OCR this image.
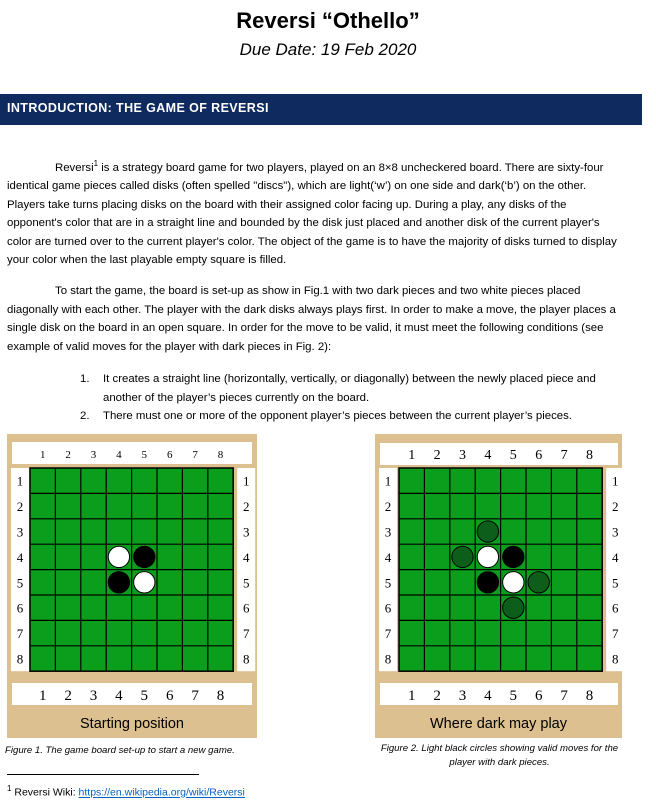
Reversi “Othello”
Due Date: 19 Feb 2020
INTRODUCTION: THE GAME OF REVERSI

Reversi$^1$ is a strategy board game for two players, played on an 8×8 uncheckered board. There are sixty-four identical game pieces called disks (often spelled "discs"), which are light(‘w’) on one side and dark(‘b’) on the other. Players take turns placing disks on the board with their assigned color facing up. During a play, any disks of the opponent's color that are in a straight line and bounded by the disk just placed and another disk of the current player's color are turned over to the current player's color. The object of the game is to have the majority of disks turned to display your color when the last playable empty square is filled.

To start the game, the board is set-up as show in Fig.1 with two dark pieces and two white pieces placed diagonally with each other. The player with the dark disks always plays first. In order to make a move, the player places a single disk on the board in an open square. In order for the move to be valid, it must meet the following conditions (see example of valid moves for the player with dark pieces in Fig. 2):

1. It creates a straight line (horizontally, vertically, or diagonally) between the newly placed piece and another of the player’s pieces currently on the board.
2. There must one or more of the opponent player’s pieces between the current player’s pieces.
1
1
1	1
2
2
2	2
3
3
3	3
4
4
4	4
5
5
5	5
6
6
6	6
7
7
7	7
8
8
8	8
Starting position
1
1
1	1
2
2
2	2
3
3
3	3
4
4
4	4
5
5
5	5
6
6
6	6
7
7
7	7
8
8
8	8
Where dark may play
Figure 1. The game board set-up to start a new game.	Figure 2. Light black circles showing valid moves for the player with dark pieces.
$^1$ Reversi Wiki: https://en.wikipedia.org/wiki/Reversi
